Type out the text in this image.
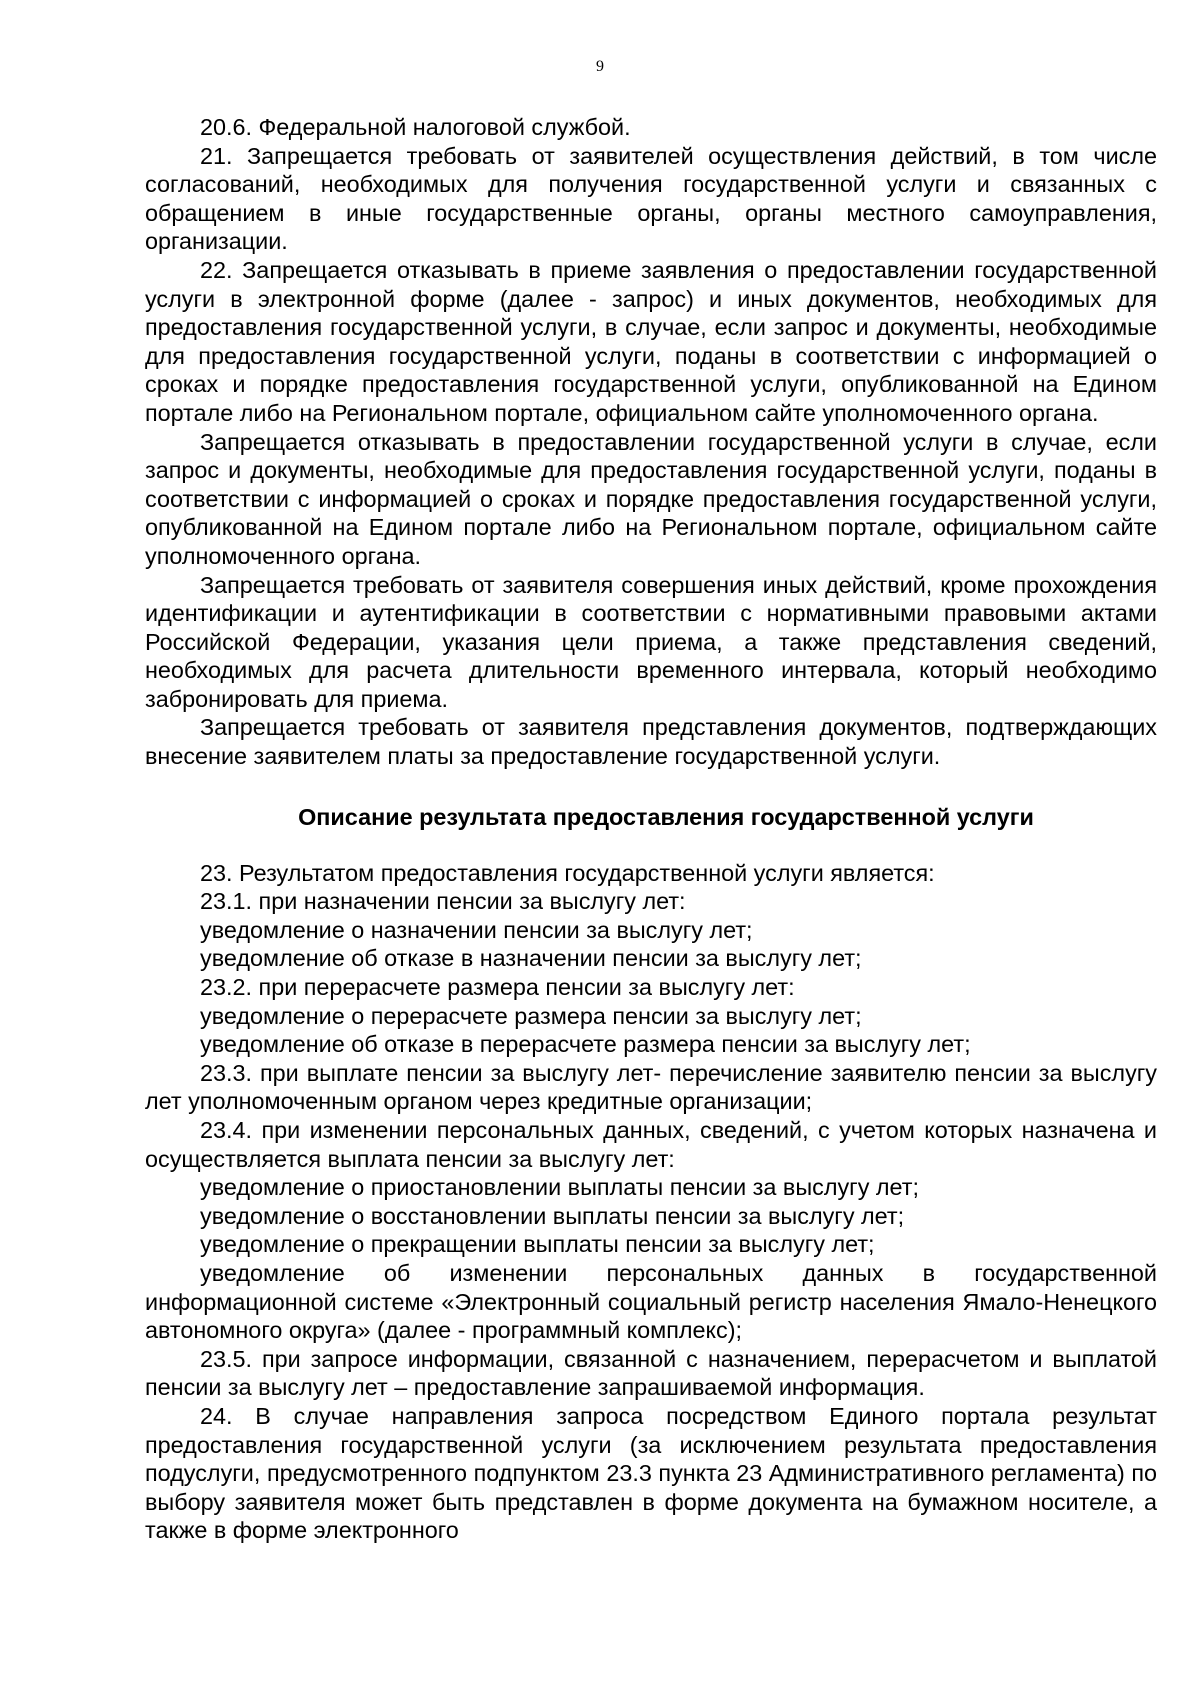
9

20.6. Федеральной налоговой службой.

21. Запрещается требовать от заявителей осуществления действий, в том числе согласований, необходимых для получения государственной услуги и связанных с обращением в иные государственные органы, органы местного самоуправления, организации.

22. Запрещается отказывать в приеме заявления о предоставлении государственной услуги в электронной форме (далее - запрос) и иных документов, необходимых для предоставления государственной услуги, в случае, если запрос и документы, необходимые для предоставления государственной услуги, поданы в соответствии с информацией о сроках и порядке предоставления государственной услуги, опубликованной на Едином портале либо на Региональном портале, официальном сайте уполномоченного органа.

Запрещается отказывать в предоставлении государственной услуги в случае, если запрос и документы, необходимые для предоставления государственной услуги, поданы в соответствии с информацией о сроках и порядке предоставления государственной услуги, опубликованной на Едином портале либо на Региональном портале, официальном сайте уполномоченного органа.

Запрещается требовать от заявителя совершения иных действий, кроме прохождения идентификации и аутентификации в соответствии с нормативными правовыми актами Российской Федерации, указания цели приема, а также представления сведений, необходимых для расчета длительности временного интервала, который необходимо забронировать для приема.

Запрещается требовать от заявителя представления документов, подтверждающих внесение заявителем платы за предоставление государственной услуги.

Описание результата предоставления государственной услуги

23. Результатом предоставления государственной услуги является:

23.1. при назначении пенсии за выслугу лет:

уведомление о назначении пенсии за выслугу лет;

уведомление об отказе в назначении пенсии за выслугу лет;

23.2. при перерасчете размера пенсии за выслугу лет:

уведомление о перерасчете размера пенсии за выслугу лет;

уведомление об отказе в перерасчете размера пенсии за выслугу лет;

23.3. при выплате пенсии за выслугу лет- перечисление заявителю пенсии за выслугу лет уполномоченным органом через кредитные организации;

23.4. при изменении персональных данных, сведений, с учетом которых назначена и осуществляется выплата пенсии за выслугу лет:

уведомление о приостановлении выплаты пенсии за выслугу лет;

уведомление о восстановлении выплаты пенсии за выслугу лет;

уведомление о прекращении выплаты пенсии за выслугу лет;

уведомление об изменении персональных данных в государственной информационной системе «Электронный социальный регистр населения Ямало-Ненецкого автономного округа» (далее - программный комплекс);

23.5. при запросе информации, связанной с назначением, перерасчетом и выплатой пенсии за выслугу лет – предоставление запрашиваемой информация.

24. В случае направления запроса посредством Единого портала результат предоставления государственной услуги (за исключением результата предоставления подуслуги, предусмотренного подпунктом 23.3 пункта 23 Административного регламента) по выбору заявителя может быть представлен в форме документа на бумажном носителе, а также в форме электронного
